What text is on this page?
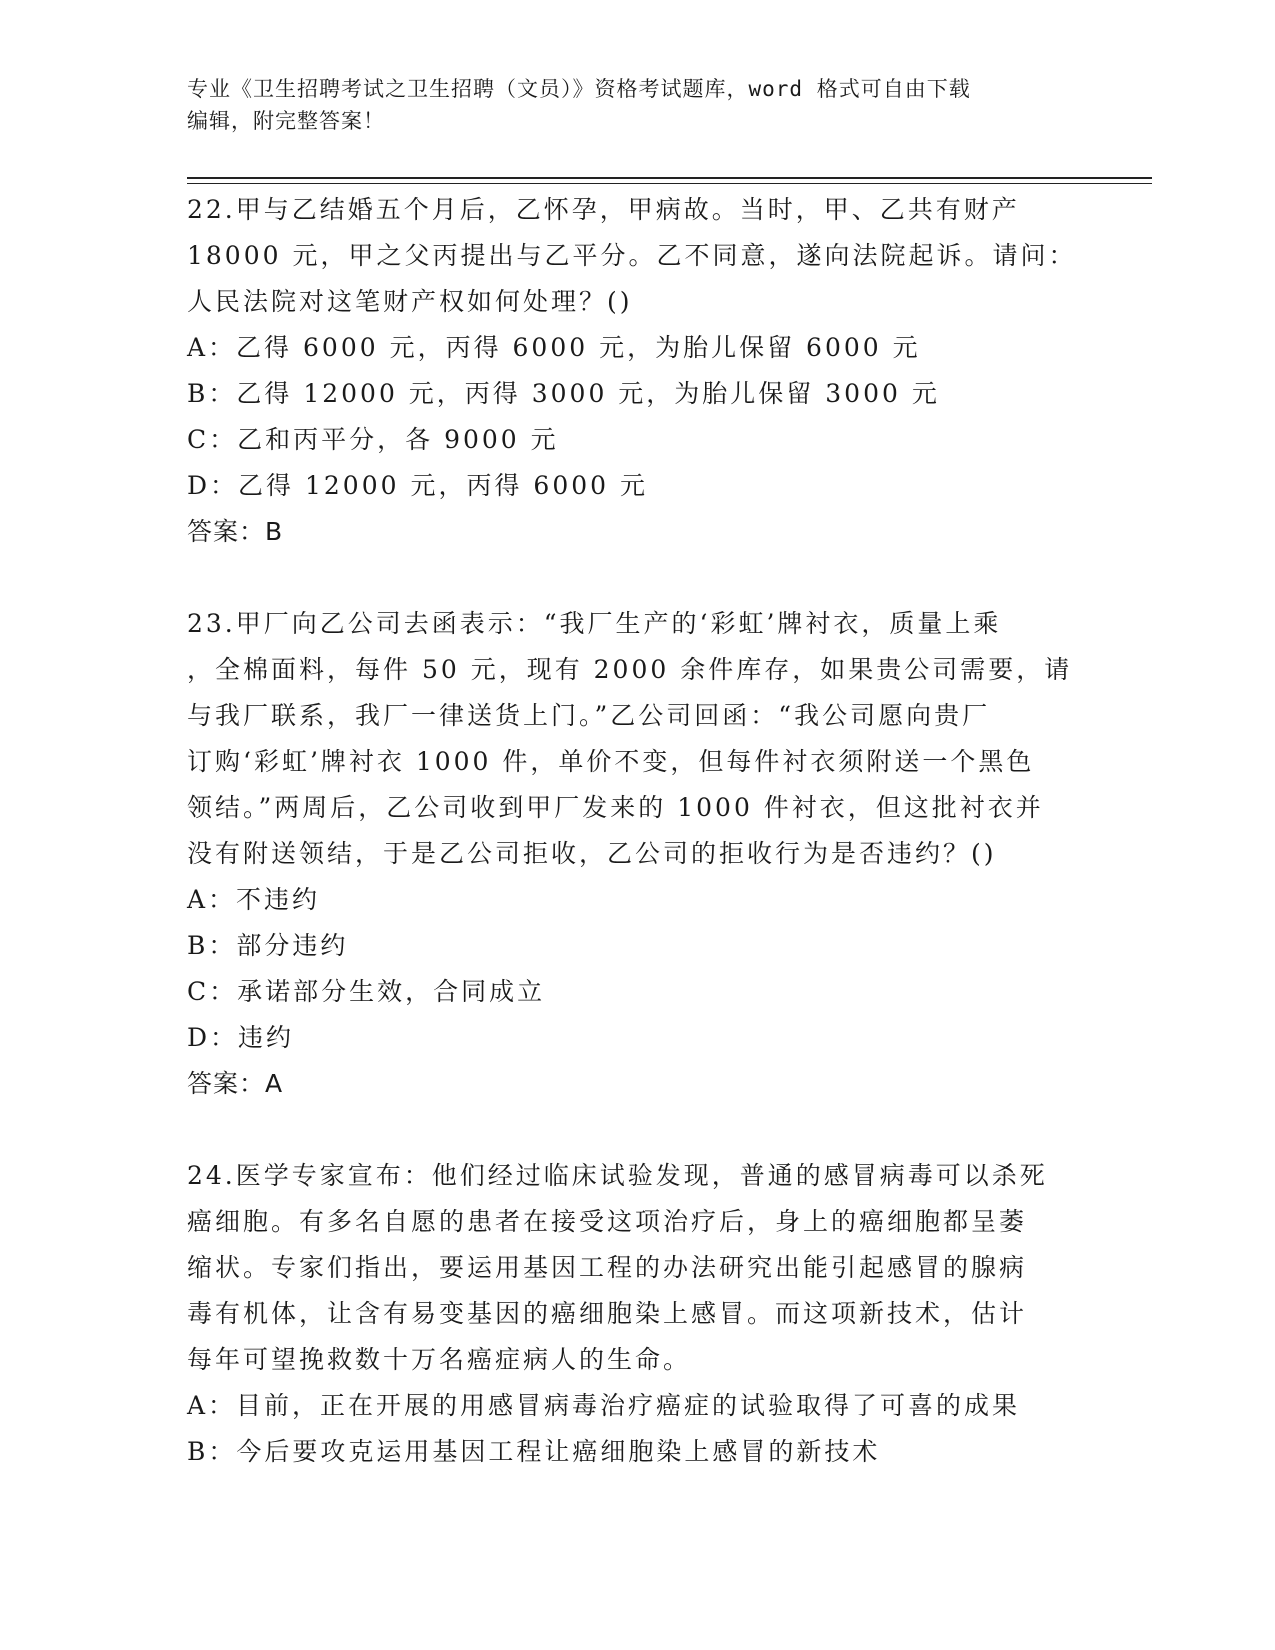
专业《卫生招聘考试之卫生招聘（文员）》资格考试题库，word 格式可自由下载
编辑，附完整答案！

22.甲与乙结婚五个月后，乙怀孕，甲病故。当时，甲、乙共有财产

18000 元，甲之父丙提出与乙平分。乙不同意，遂向法院起诉。请问：

人民法院对这笔财产权如何处理？()

A：乙得 6000 元，丙得 6000 元，为胎儿保留 6000 元

B：乙得 12000 元，丙得 3000 元，为胎儿保留 3000 元

C：乙和丙平分，各 9000 元

D：乙得 12000 元，丙得 6000 元

答案：B

23.甲厂向乙公司去函表示：“我厂生产的‘彩虹’牌衬衣，质量上乘

，全棉面料，每件 50 元，现有 2000 余件库存，如果贵公司需要，请

与我厂联系，我厂一律送货上门。”乙公司回函：“我公司愿向贵厂

订购‘彩虹’牌衬衣 1000 件，单价不变，但每件衬衣须附送一个黑色

领结。”两周后，乙公司收到甲厂发来的 1000 件衬衣，但这批衬衣并

没有附送领结，于是乙公司拒收，乙公司的拒收行为是否违约？()

A：不违约

B：部分违约

C：承诺部分生效，合同成立

D：违约

答案：A

24.医学专家宣布：他们经过临床试验发现，普通的感冒病毒可以杀死

癌细胞。有多名自愿的患者在接受这项治疗后，身上的癌细胞都呈萎

缩状。专家们指出，要运用基因工程的办法研究出能引起感冒的腺病

毒有机体，让含有易变基因的癌细胞染上感冒。而这项新技术，估计

每年可望挽救数十万名癌症病人的生命。

A：目前，正在开展的用感冒病毒治疗癌症的试验取得了可喜的成果

B：今后要攻克运用基因工程让癌细胞染上感冒的新技术
